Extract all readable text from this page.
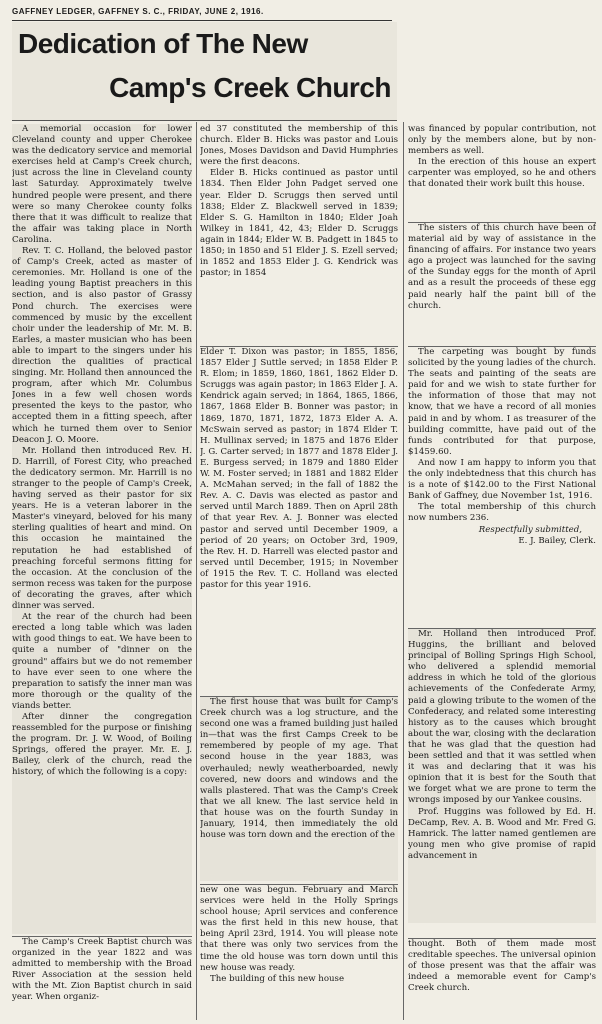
GAFFNEY LEDGER, GAFFNEY S. C., FRIDAY, JUNE 2, 1916.
Dedication of The New
Camp's Creek Church

A memorial occasion for lower Cleveland county and upper Cherokee was the dedicatory service and memorial exercises held at Camp's Creek church, just across the line in Cleveland county last Saturday. Approximately twelve hundred people were present, and there were so many Cherokee county folks there that it was difficult to realize that the affair was taking place in North Carolina.

Rev. T. C. Holland, the beloved pastor of Camp's Creek, acted as master of ceremonies. Mr. Holland is one of the leading young Baptist preachers in this section, and is also pastor of Grassy Pond church. The exercises were commenced by music by the excellent choir under the leadership of Mr. M. B. Earles, a master musician who has been able to impart to the singers under his direction the qualities of practical singing. Mr. Holland then announced the program, after which Mr. Columbus Jones in a few well chosen words presented the keys to the pastor, who accepted them in a fitting speech, after which he turned them over to Senior Deacon J. O. Moore.

Mr. Holland then introduced Rev. H. D. Harrill, of Forest City, who preached the dedicatory sermon. Mr. Harrill is no stranger to the people of Camp's Creek, having served as their pastor for six years. He is a veteran laborer in the Master's vineyard, beloved for his many sterling qualities of heart and mind. On this occasion he maintained the reputation he had established of preaching forceful sermons fitting for the occasion. At the conclusion of the sermon recess was taken for the purpose of decorating the graves, after which dinner was served.

At the rear of the church had been erected a long table which was laden with good things to eat. We have been to quite a number of "dinner on the ground" affairs but we do not remember to have ever seen to one where the preparation to satisfy the inner man was more thorough or the quality of the viands better.

After dinner the congregation reassembled for the purpose or finishing the program. Dr. J. W. Wood, of Boiling Springs, offered the prayer. Mr. E. J. Bailey, clerk of the church, read the history, of which the following is a copy:

The Camp's Creek Baptist church was organized in the year 1822 and was admitted to membership with the Broad River Association at the session held with the Mt. Zion Baptist church in said year. When organiz-

ed 37 constituted the membership of this church. Elder B. Hicks was pastor and Louis Jones, Moses Davidson and David Humphries were the first deacons.

Elder B. Hicks continued as pastor until 1834. Then Elder John Padget served one year. Elder D. Scruggs then served until 1838; Elder Z. Blackwell served in 1839; Elder S. G. Hamilton in 1840; Elder Joah Wilkey in 1841, 42, 43; Elder D. Scruggs again in 1844; Elder W. B. Padgett in 1845 to 1850; in 1850 and 51 Elder J. S. Ezell served; in 1852 and 1853 Elder J. G. Kendrick was pastor; in 1854

Elder T. Dixon was pastor; in 1855, 1856, 1857 Elder J Suttle served; in 1858 Elder P. R. Elom; in 1859, 1860, 1861, 1862 Elder D. Scruggs was again pastor; in 1863 Elder J. A. Kendrick again served; in 1864, 1865, 1866, 1867, 1868 Elder B. Bonner was pastor; in 1869, 1870, 1871, 1872, 1873 Elder A. A. McSwain served as pastor; in 1874 Elder T. H. Mullinax served; in 1875 and 1876 Elder J. G. Carter served; in 1877 and 1878 Elder J. E. Burgess served; in 1879 and 1880 Elder W. M. Foster served; in 1881 and 1882 Elder A. McMahan served; in the fall of 1882 the Rev. A. C. Davis was elected as pastor and served until March 1889. Then on April 28th of that year Rev. A. J. Bonner was elected pastor and served until December 1909, a period of 20 years; on October 3rd, 1909, the Rev. H. D. Harrell was elected pastor and served until December, 1915; in November of 1915 the Rev. T. C. Holland was elected pastor for this year 1916.

The first house that was built for Camp's Creek church was a log structure, and the second one was a framed building just hailed in—that was the first Camps Creek to be remembered by people of my age. That second house in the year 1883, was overhauled; newly weatherboarded, newly covered, new doors and windows and the walls plastered. That was the Camp's Creek that we all knew. The last service held in that house was on the fourth Sunday in January, 1914, then immediately the old house was torn down and the erection of the

new one was begun. February and March services were held in the Holly Springs school house; April services and conference was the first held in this new house, that being April 23rd, 1914. You will please note that there was only two services from the time the old house was torn down until this new house was ready.

The building of this new house

was financed by popular contribution, not only by the members alone, but by non-members as well.

In the erection of this house an expert carpenter was employed, so he and others that donated their work built this house.

The sisters of this church have been of material aid by way of assistance in the financing of affairs. For instance two years ago a project was launched for the saving of the Sunday eggs for the month of April and as a result the proceeds of these egg paid nearly half the paint bill of the church.

The carpeting was bought by funds solicited by the young ladies of the church. The seats and painting of the seats are paid for and we wish to state further for the information of those that may not know, that we have a record of all monies paid in and by whom. I as treasurer of the building committe, have paid out of the funds contributed for that purpose, $1459.60.

And now I am happy to inform you that the only indebtedness that this church has is a note of $142.00 to the First National Bank of Gaffney, due November 1st, 1916.

The total membership of this church now numbers 236.

Respectfully submitted,

E. J. Bailey, Clerk.

Mr. Holland then introduced Prof. Huggins, the brilliant and beloved principal of Bolling Springs High School, who delivered a splendid memorial address in which he told of the glorious achievements of the Confederate Army, paid a glowing tribute to the women of the Confederacy, and related some interesting history as to the causes which brought about the war, closing with the declaration that he was glad that the question had been settled and that it was settled when it was and declaring that it was his opinion that it is best for the South that we forget what we are prone to term the wrongs imposed by our Yankee cousins.

Prof. Huggins was followed by Ed. H. DeCamp, Rev. A. B. Wood and Mr. Fred G. Hamrick. The latter named gentlemen are young men who give promise of rapid advancement in

thought. Both of them made most creditable speeches. The universal opinion of those present was that the affair was indeed a memorable event for Camp's Creek church.
